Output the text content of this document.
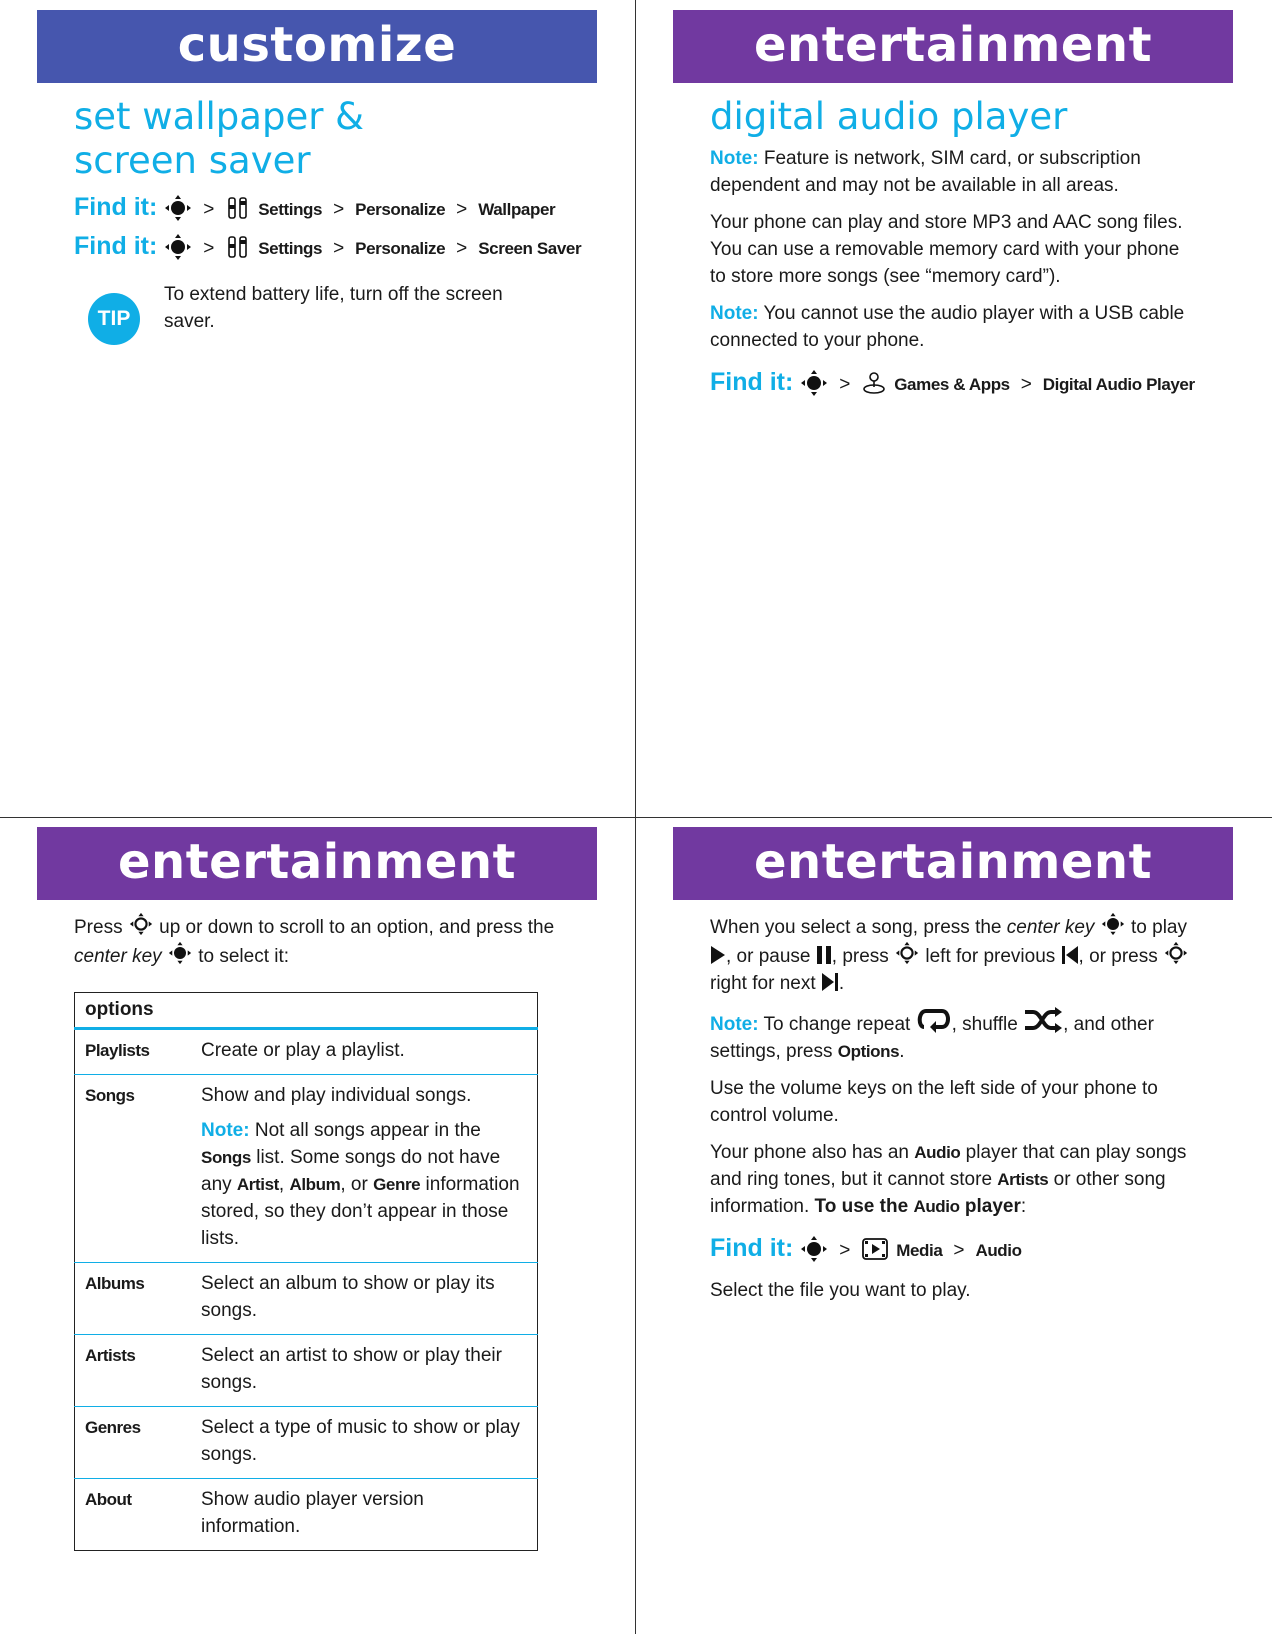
customize
set wallpaper &
screen saver
Find it: >	Settings > Personalize > Wallpaper
Find it: >	Settings > Personalize > Screen Saver
TIP
To extend battery life, turn off the screen saver.
entertainment
digital audio player

Note: Feature is network, SIM card, or subscription dependent and may not be available in all areas.

Your phone can play and store MP3 and AAC song files. You can use a removable memory card with your phone to store more songs (see “memory card”).

Note: You cannot use the audio player with a USB cable connected to your phone.

Find it: >	Games & Apps > Digital Audio Player
entertainment

Press  up or down to scroll to an option, and press the center key  to select it:

options	
Playlists	Create or play a playlist.
Songs	Show and play individual songs.
Note: Not all songs appear in the Songs list. Some songs do not have any Artist, Album, or Genre information stored, so they don’t appear in those lists.

Albums	Select an album to show or play its songs.
Artists	Select an artist to show or play their songs.
Genres	Select a type of music to show or play songs.
About	Show audio player version information.
entertainment

When you select a song, press the center key  to play , or pause , press  left for previous , or press  right for next .

Note: To change repeat , shuffle , and other settings, press Options.

Use the volume keys on the left side of your phone to control volume.

Your phone also has an Audio player that can play songs and ring tones, but it cannot store Artists or other song information. To use the Audio player:

Find it: >	Media > Audio

Select the file you want to play.
